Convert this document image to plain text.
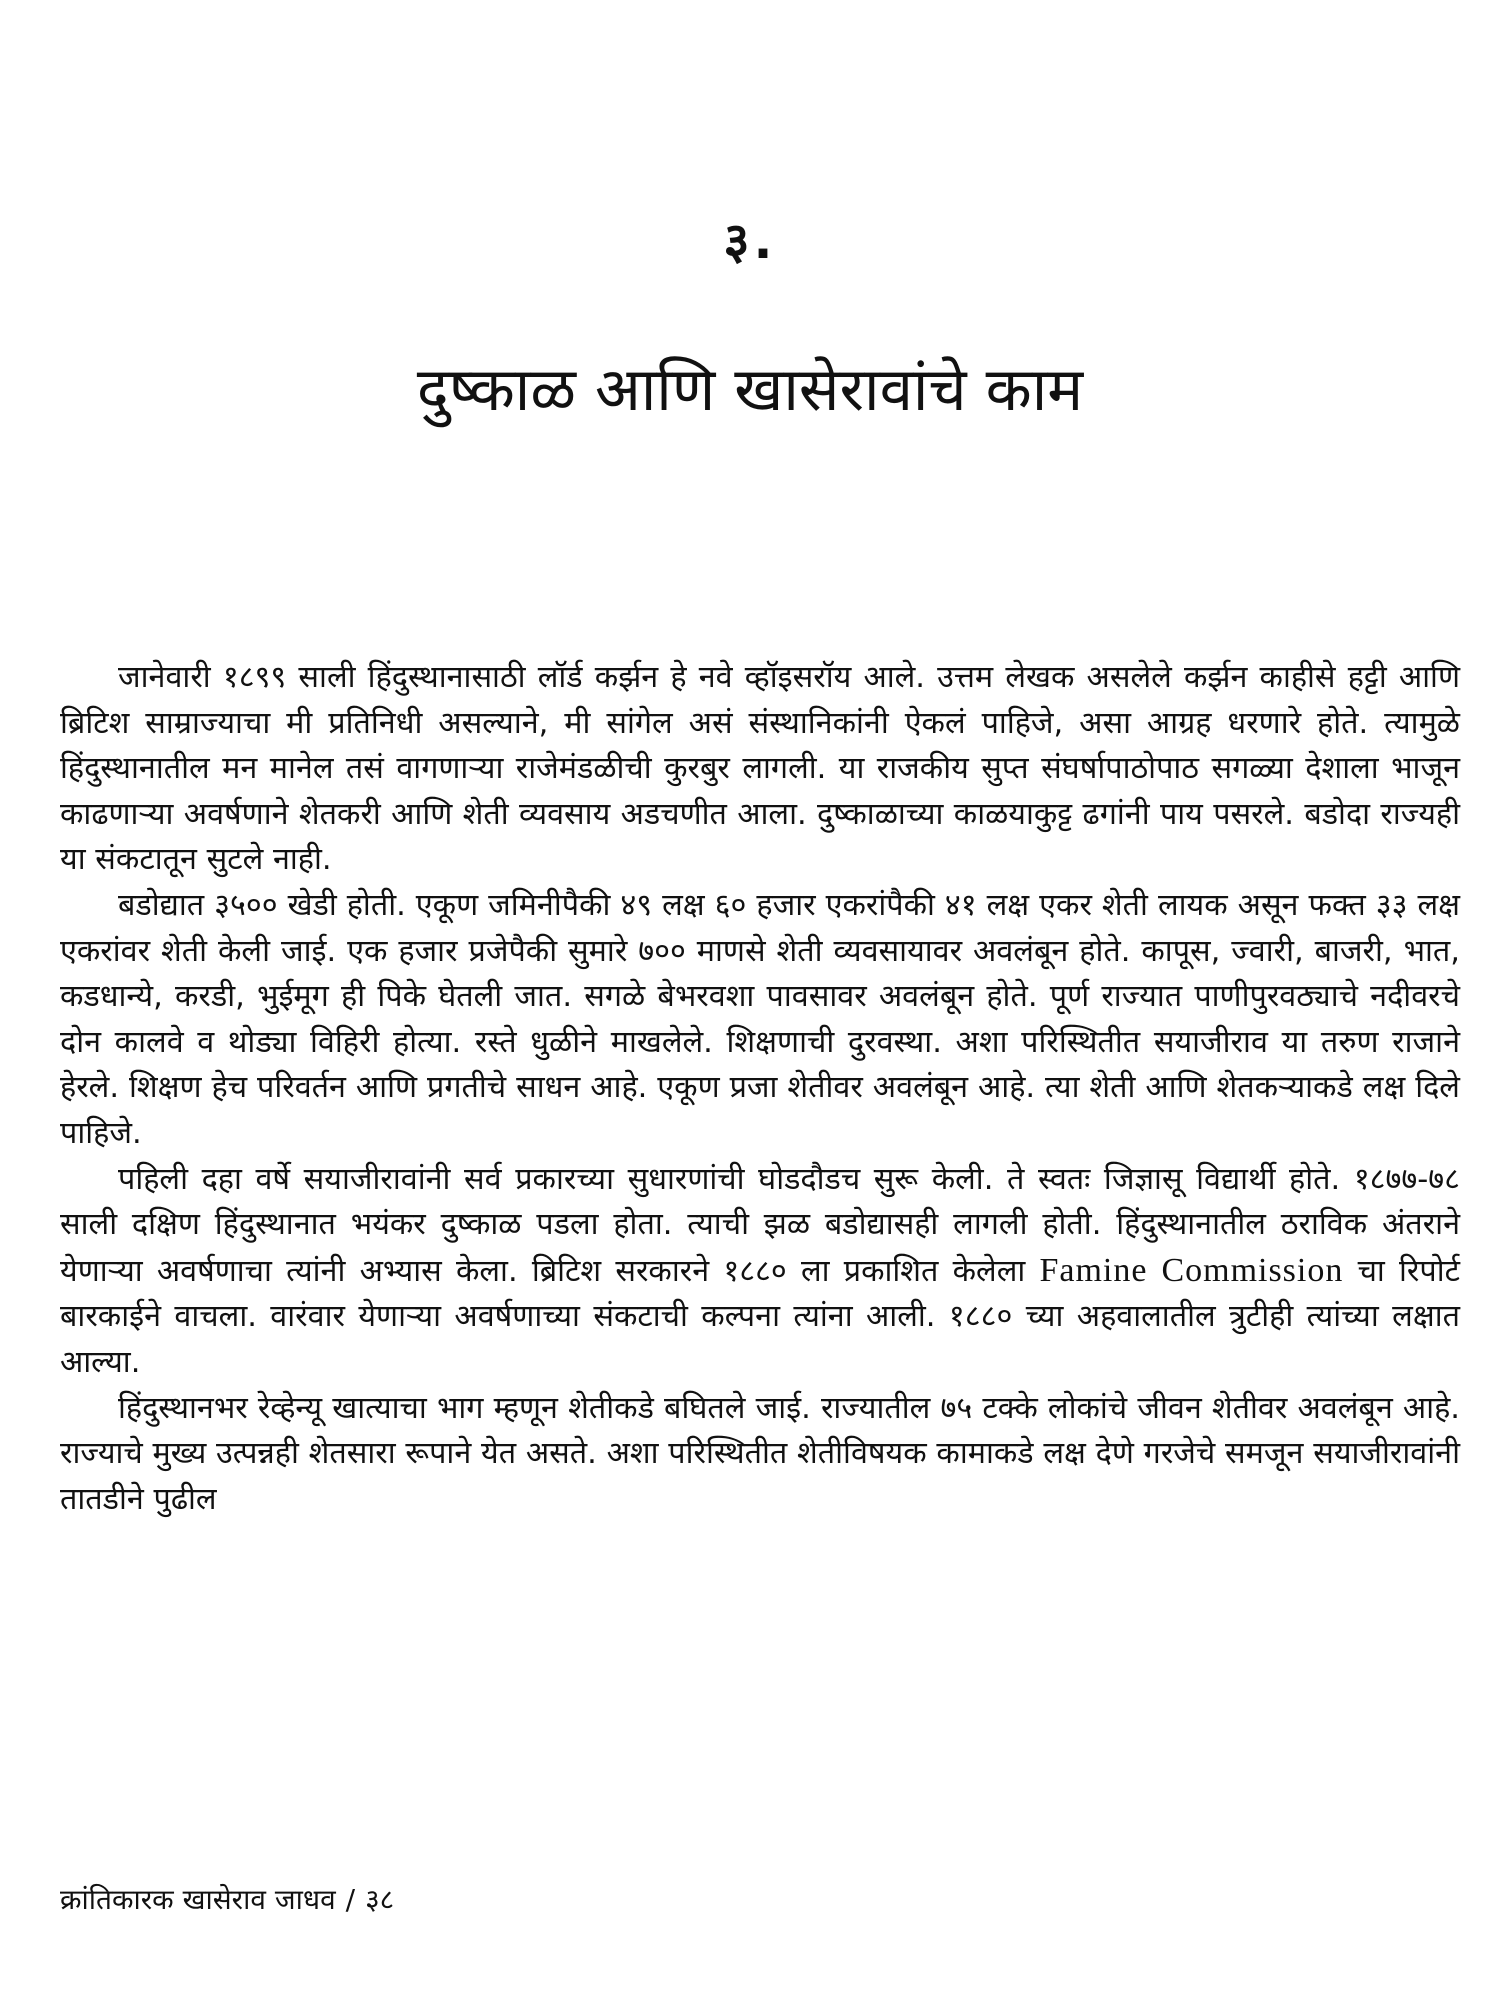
३.
दुष्काळ आणि खासेरावांचे काम

जानेवारी १८९९ साली हिंदुस्थानासाठी लॉर्ड कर्झन हे नवे व्हॉइसरॉय आले. उत्तम लेखक असलेले कर्झन काहीसे हट्टी आणि ब्रिटिश साम्राज्याचा मी प्रतिनिधी असल्याने, मी सांगेल असं संस्थानिकांनी ऐकलं पाहिजे, असा आग्रह धरणारे होते. त्यामुळे हिंदुस्थानातील मन मानेल तसं वागणाऱ्या राजेमंडळीची कुरबुर लागली. या राजकीय सुप्त संघर्षापाठोपाठ सगळ्या देशाला भाजून काढणाऱ्या अवर्षणाने शेतकरी आणि शेती व्यवसाय अडचणीत आला. दुष्काळाच्या काळयाकुट्ट ढगांनी पाय पसरले. बडोदा राज्यही या संकटातून सुटले नाही.

बडोद्यात ३५०० खेडी होती. एकूण जमिनीपैकी ४९ लक्ष ६० हजार एकरांपैकी ४१ लक्ष एकर शेती लायक असून फक्त ३३ लक्ष एकरांवर शेती केली जाई. एक हजार प्रजेपैकी सुमारे ७०० माणसे शेती व्यवसायावर अवलंबून होते. कापूस, ज्वारी, बाजरी, भात, कडधान्ये, करडी, भुईमूग ही पिके घेतली जात. सगळे बेभरवशा पावसावर अवलंबून होते. पूर्ण राज्यात पाणीपुरवठ्याचे नदीवरचे दोन कालवे व थोड्या विहिरी होत्या. रस्ते धुळीने माखलेले. शिक्षणाची दुरवस्था. अशा परिस्थितीत सयाजीराव या तरुण राजाने हेरले. शिक्षण हेच परिवर्तन आणि प्रगतीचे साधन आहे. एकूण प्रजा शेतीवर अवलंबून आहे. त्या शेती आणि शेतकऱ्याकडे लक्ष दिले पाहिजे.

पहिली दहा वर्षे सयाजीरावांनी सर्व प्रकारच्या सुधारणांची घोडदौडच सुरू केली. ते स्वतः जिज्ञासू विद्यार्थी होते. १८७७-७८ साली दक्षिण हिंदुस्थानात भयंकर दुष्काळ पडला होता. त्याची झळ बडोद्यासही लागली होती. हिंदुस्थानातील ठराविक अंतराने येणाऱ्या अवर्षणाचा त्यांनी अभ्यास केला. ब्रिटिश सरकारने १८८० ला प्रकाशित केलेला Famine Commission चा रिपोर्ट बारकाईने वाचला. वारंवार येणाऱ्या अवर्षणाच्या संकटाची कल्पना त्यांना आली. १८८० च्या अहवालातील त्रुटीही त्यांच्या लक्षात आल्या.

हिंदुस्थानभर रेव्हेन्यू खात्याचा भाग म्हणून शेतीकडे बघितले जाई. राज्यातील ७५ टक्के लोकांचे जीवन शेतीवर अवलंबून आहे. राज्याचे मुख्य उत्पन्नही शेतसारा रूपाने येत असते. अशा परिस्थितीत शेतीविषयक कामाकडे लक्ष देणे गरजेचे समजून सयाजीरावांनी तातडीने पुढील

क्रांतिकारक खासेराव जाधव / ३८
